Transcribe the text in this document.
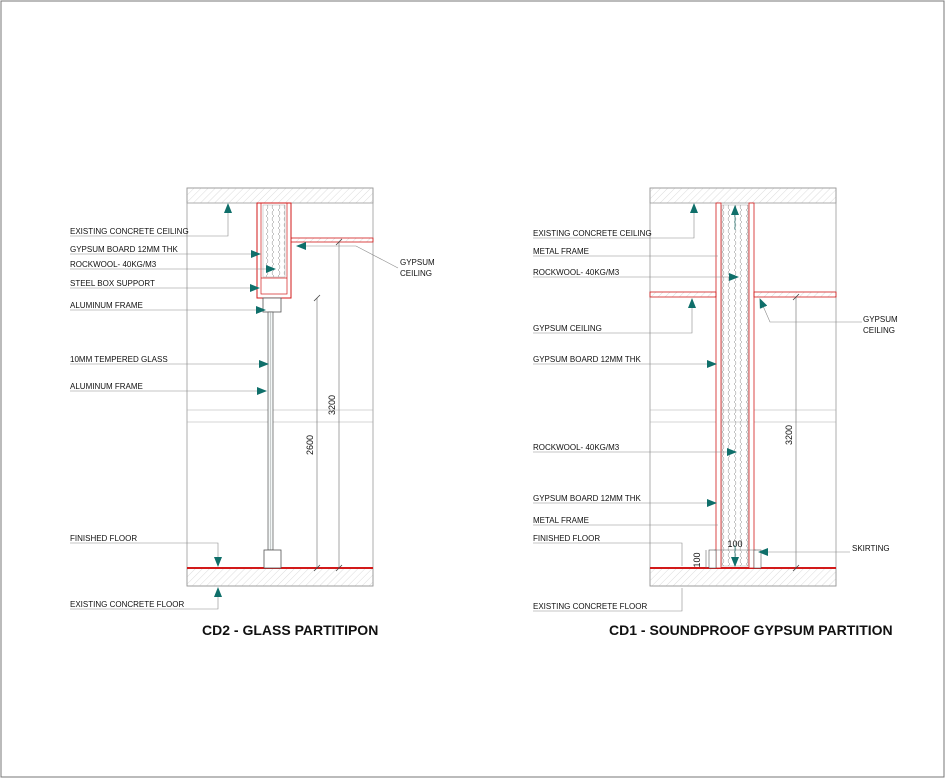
2600
3200
EXISTING CONCRETE CEILING
GYPSUM BOARD 12MM THK
ROCKWOOL- 40KG/M3
STEEL BOX SUPPORT
ALUMINUM FRAME
10MM TEMPERED GLASS
ALUMINUM FRAME
FINISHED FLOOR
EXISTING CONCRETE FLOOR
GYPSUM
CEILING
CD2 - GLASS PARTITIPON
3200
100
100
EXISTING CONCRETE CEILING
METAL FRAME
ROCKWOOL- 40KG/M3
GYPSUM CEILING
GYPSUM BOARD 12MM THK
ROCKWOOL- 40KG/M3
GYPSUM BOARD 12MM THK
METAL FRAME
FINISHED FLOOR
EXISTING CONCRETE FLOOR
GYPSUM
CEILING
SKIRTING
CD1 - SOUNDPROOF GYPSUM PARTITION
